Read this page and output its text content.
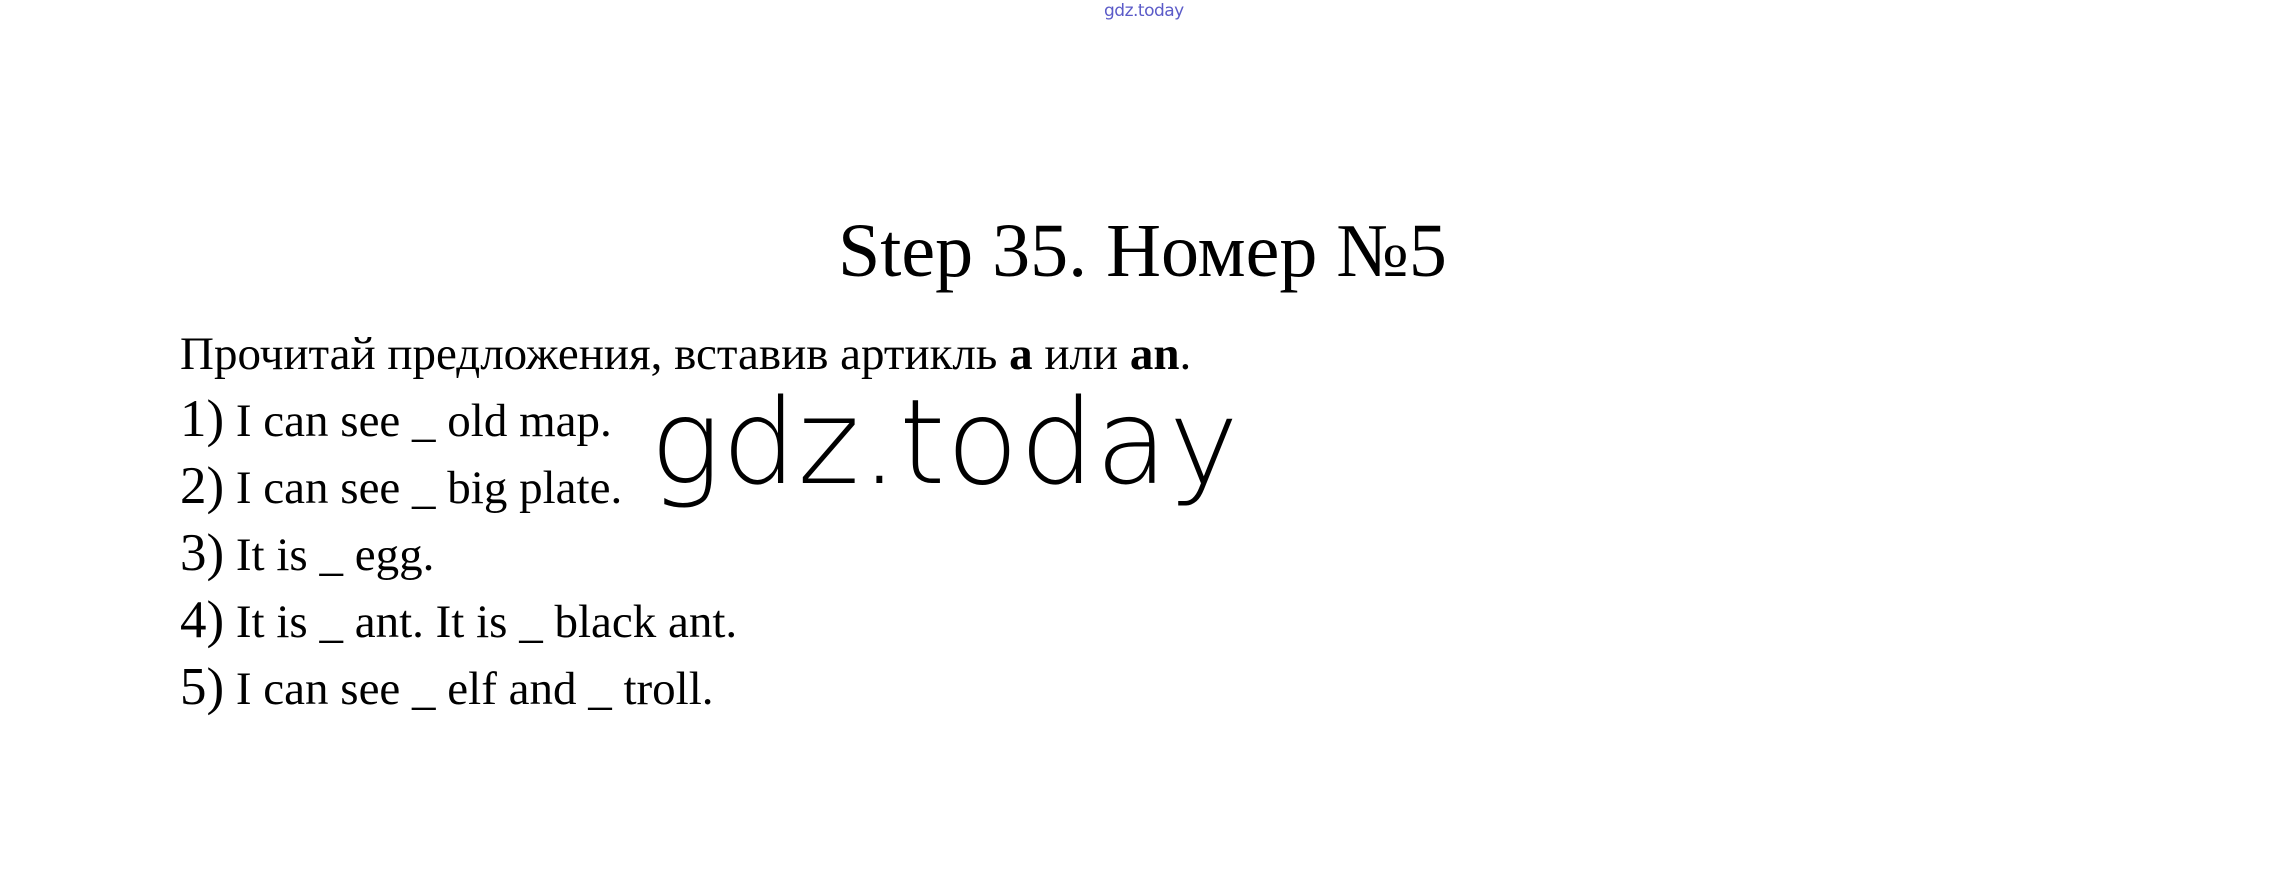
gdz.today
Step 35. Номер №5
Прочитай предложения, вставив артикль a или an.
1) I can see _ old map.
2) I can see _ big plate.
3) It is _ egg.
4) It is _ ant. It is _ black ant.
5) I can see _ elf and _ troll.
gdz.today
